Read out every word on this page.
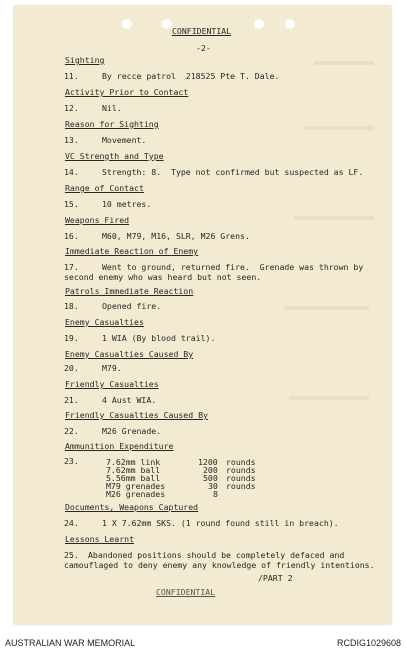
CONFIDENTIAL
-2-
Sighting
11.	By recce patrol  218525 Pte T. Dale.
Activity Prior to Contact
12.	Nil.
Reason for Sighting
13.	Movement.
VC Strength and Type
14.	Strength: 8.  Type not confirmed but suspected as LF.
Range of Contact
15.	10 metres.
Weapons Fired
16.	M60, M79, M16, SLR, M26 Grens.
Immediate Reaction of Enemy
17.	Went to ground, returned fire.  Grenade was thrown by
second enemy who was heard but not seen.
Patrols Immediate Reaction
18.	Opened fire.
Enemy Casualties
19.	1 WIA (By blood trail).
Enemy Casualties Caused By
20.	M79.
Friendly Casualties
21.	4 Aust WIA.
Friendly Casualties Caused By
22.	M26 Grenade.
Ammunition Expenditure
23.	7.62mm link	1200 rounds
7.62mm ball	200 rounds
5.56mm ball	500 rounds
M79 grenades	30 rounds
M26 grenades	8
Documents, Weapons Captured
24.	1 X 7.62mm SKS. (1 round found still in breach).
Lessons Learnt
25. Abandoned positions should be completely defaced and
camouflaged to deny enemy any knowledge of friendly intentions.
/PART 2
CONFIDENTIAL
AUSTRALIAN WAR MEMORIAL	RCDIG1029608
